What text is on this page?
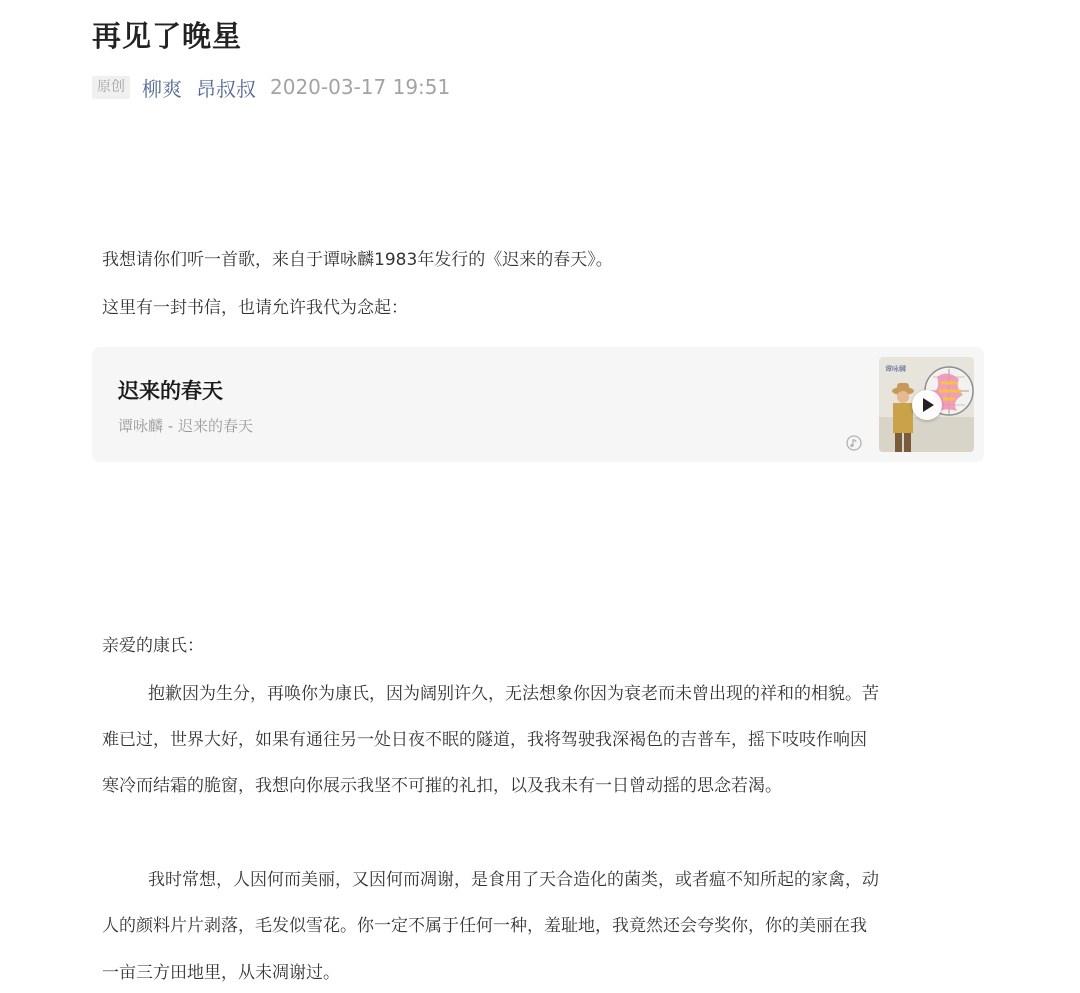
再见了晚星
原创 柳爽 昂叔叔 2020-03-17 19:51

我想请你们听一首歌，来自于谭咏麟1983年发行的《迟来的春天》。

这里有一封书信，也请允许我代为念起：

迟来的春天
谭咏麟 - 迟来的春天
谭咏麟

亲爱的康氏：

抱歉因为生分，再唤你为康氏，因为阔别许久，无法想象你因为衰老而未曾出现的祥和的相貌。苦

难已过，世界大好，如果有通往另一处日夜不眠的隧道，我将驾驶我深褐色的吉普车，摇下吱吱作响因

寒冷而结霜的脆窗，我想向你展示我坚不可摧的礼扣，以及我未有一日曾动摇的思念若渴。

我时常想，人因何而美丽，又因何而凋谢，是食用了天合造化的菌类，或者瘟不知所起的家禽，动

人的颜料片片剥落，毛发似雪花。你一定不属于任何一种，羞耻地，我竟然还会夸奖你，你的美丽在我

一亩三方田地里，从未凋谢过。
